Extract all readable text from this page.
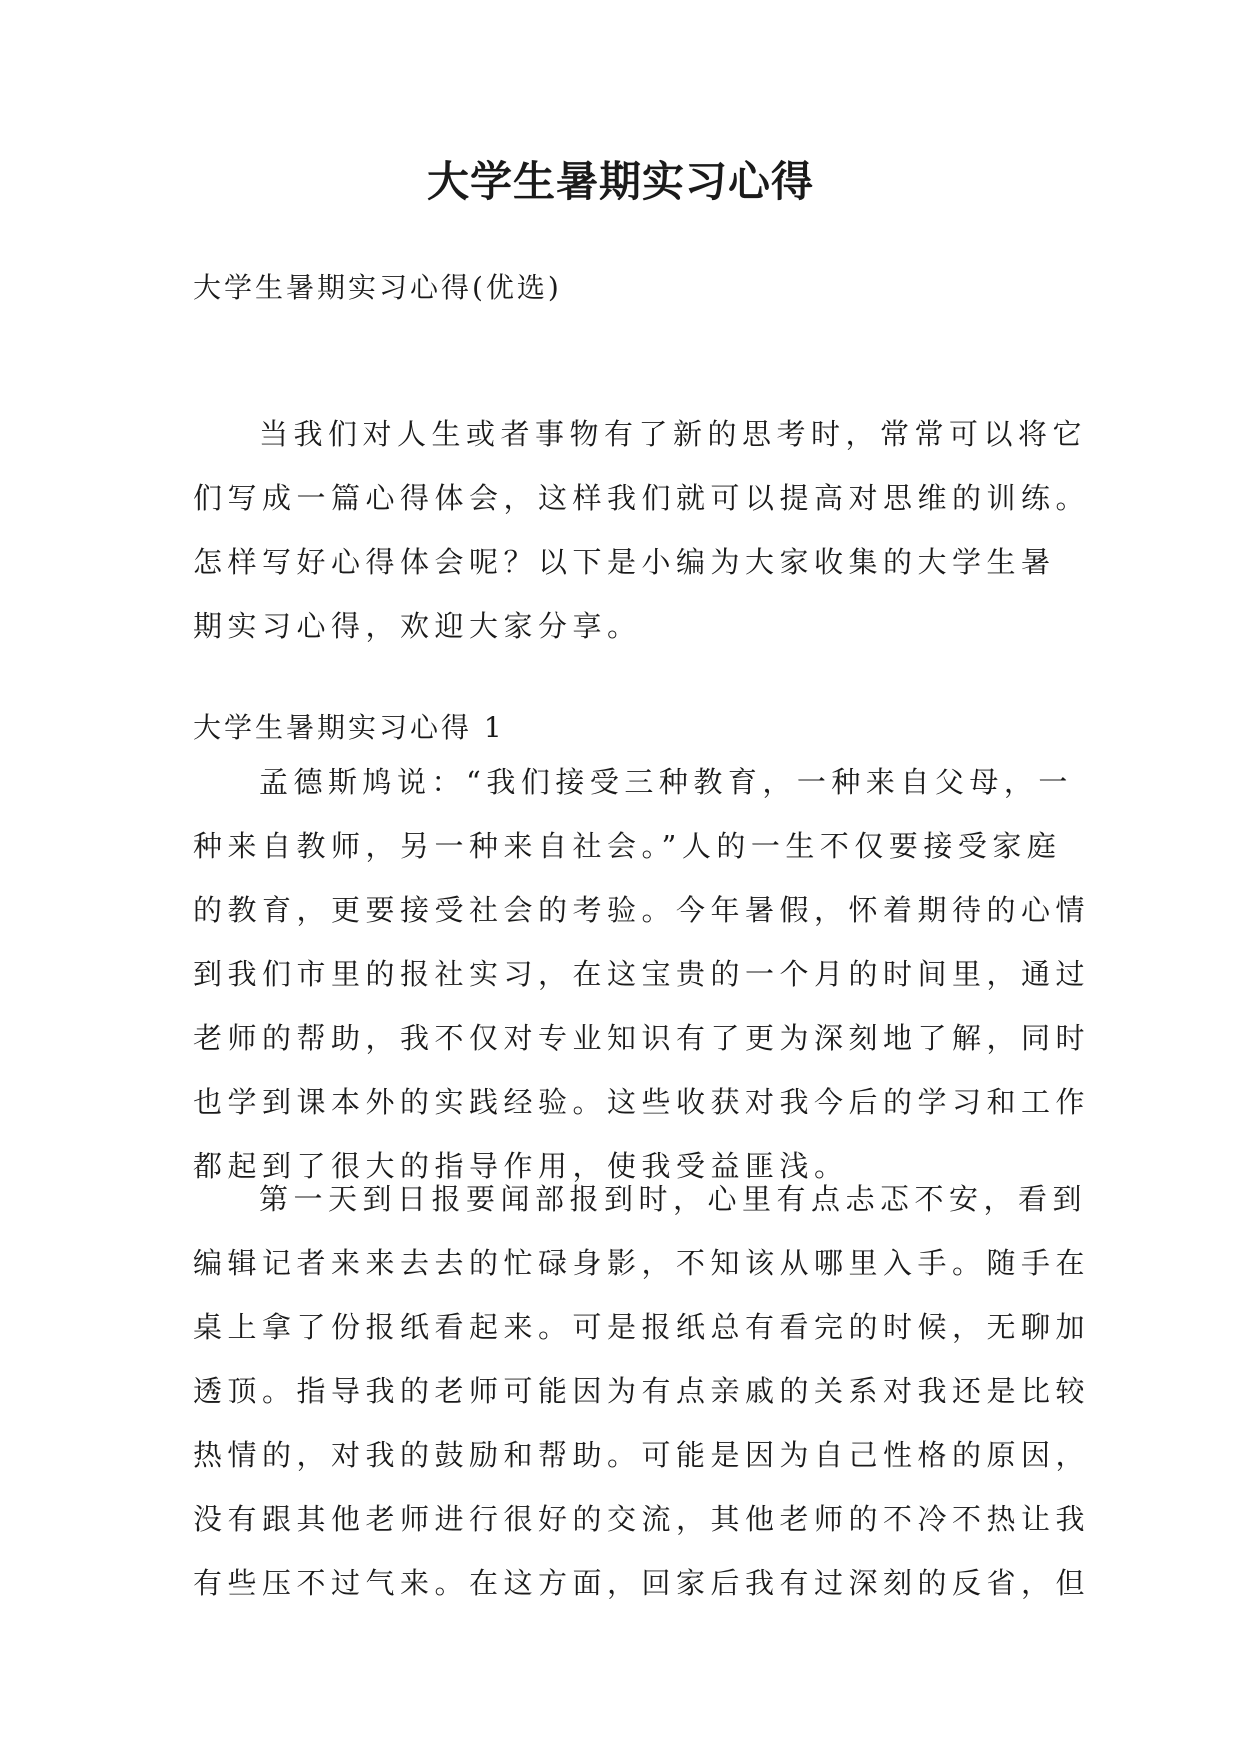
大学生暑期实习心得

大学生暑期实习心得(优选)

当我们对人生或者事物有了新的思考时，常常可以将它
们写成一篇心得体会，这样我们就可以提高对思维的训练。
怎样写好心得体会呢？以下是小编为大家收集的大学生暑
期实习心得，欢迎大家分享。

大学生暑期实习心得 1

孟德斯鸠说：“我们接受三种教育，一种来自父母，一
种来自教师，另一种来自社会。”人的一生不仅要接受家庭
的教育，更要接受社会的考验。今年暑假，怀着期待的心情
到我们市里的报社实习，在这宝贵的一个月的时间里，通过
老师的帮助，我不仅对专业知识有了更为深刻地了解，同时
也学到课本外的实践经验。这些收获对我今后的学习和工作
都起到了很大的指导作用，使我受益匪浅。
第一天到日报要闻部报到时，心里有点忐忑不安，看到
编辑记者来来去去的忙碌身影，不知该从哪里入手。随手在
桌上拿了份报纸看起来。可是报纸总有看完的时候，无聊加
透顶。指导我的老师可能因为有点亲戚的关系对我还是比较
热情的，对我的鼓励和帮助。可能是因为自己性格的原因，
没有跟其他老师进行很好的交流，其他老师的不冷不热让我
有些压不过气来。在这方面，回家后我有过深刻的反省，但
